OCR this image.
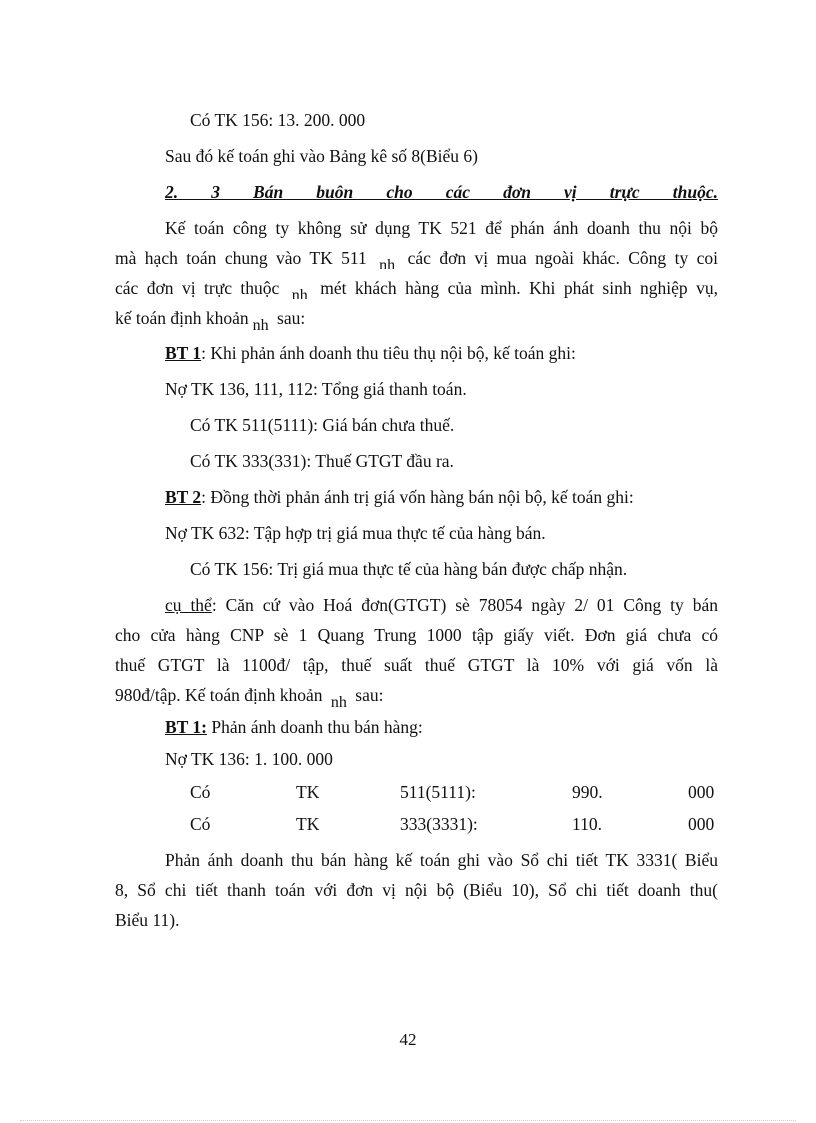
Có TK 156: 13. 200. 000
Sau đó kế toán ghi vào Bảng kê số 8(Biểu 6)
2. 3 Bán buôn cho các đơn vị trực thuộc.
Kế toán công ty không sử dụng TK 521 để phán ánh doanh thu nội bộ
mà hạch toán chung vào TK 511 nh các đơn vị mua ngoài khác. Công ty coi
các đơn vị trực thuộc nh mét khách hàng của mình. Khi phát sinh nghiệp vụ,
kế toán định khoản nh sau:
BT 1: Khi phản ánh doanh thu tiêu thụ nội bộ, kế toán ghi:
Nợ TK 136, 111, 112: Tổng giá thanh toán.
Có TK 511(5111): Giá bán chưa thuế.
Có TK 333(331): Thuế GTGT đầu ra.
BT 2: Đồng thời phản ánh trị giá vốn hàng bán nội bộ, kế toán ghi:
Nợ TK 632: Tập hợp trị giá mua thực tế của hàng bán.
Có TK 156: Trị giá mua thực tế của hàng bán được chấp nhận.
cụ thể: Căn cứ vào Hoá đơn(GTGT) sè 78054 ngày 2/ 01 Công ty bán
cho cửa hàng CNP sè 1 Quang Trung 1000 tập giấy viết. Đơn giá chưa có
thuế GTGT là 1100đ/ tập, thuế suất thuế GTGT là 10% với giá vốn là
980đ/tập. Kế toán định khoản nh sau:
BT 1: Phản ánh doanh thu bán hàng:
Nợ TK 136: 1. 100. 000
Có	TK	511(5111):	990.	000
Có	TK	333(3331):	110.	000
Phản ánh doanh thu bán hàng kế toán ghi vào Sổ chi tiết TK 3331( Biểu
8, Sổ chi tiết thanh toán với đơn vị nội bộ (Biểu 10), Sổ chi tiết doanh thu(
Biểu 11).
42
